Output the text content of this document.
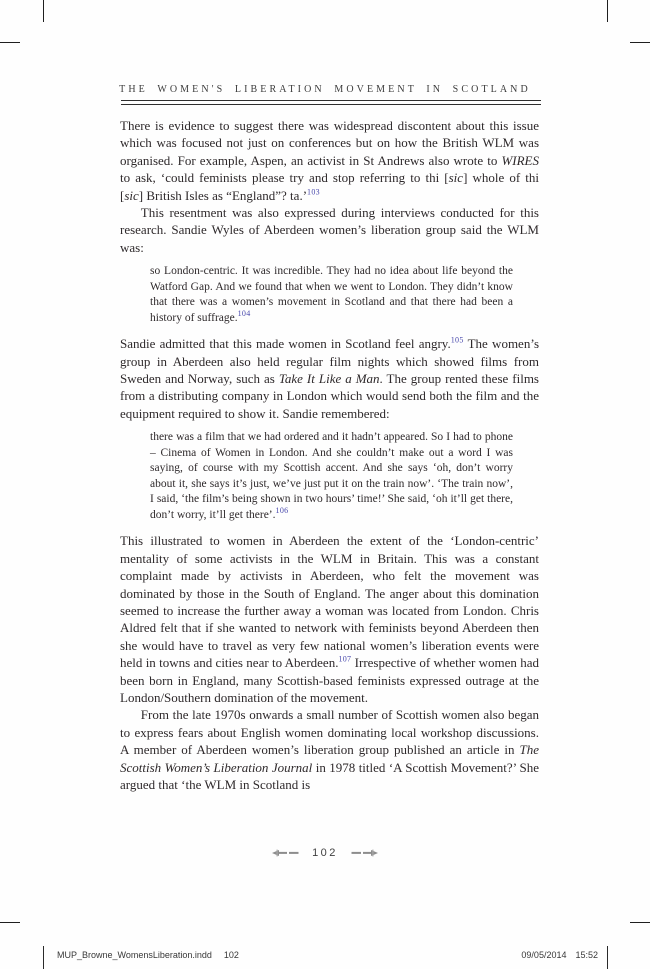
THE WOMEN'S LIBERATION MOVEMENT IN SCOTLAND

There is evidence to suggest there was widespread discontent about this issue which was focused not just on conferences but on how the British WLM was organised. For example, Aspen, an activist in St Andrews also wrote to WIRES to ask, ‘could feminists please try and stop referring to thi [sic] whole of thi [sic] British Isles as “England”? ta.’$^{103}$

This resentment was also expressed during interviews conducted for this research. Sandie Wyles of Aberdeen women’s liberation group said the WLM was:

so London-centric. It was incredible. They had no idea about life beyond the Watford Gap. And we found that when we went to London. They didn’t know that there was a women’s movement in Scotland and that there had been a history of suffrage.$^{104}$

Sandie admitted that this made women in Scotland feel angry.$^{105}$ The women’s group in Aberdeen also held regular film nights which showed films from Sweden and Norway, such as Take It Like a Man. The group rented these films from a distributing company in London which would send both the film and the equipment required to show it. Sandie remembered:

there was a film that we had ordered and it hadn’t appeared. So I had to phone – Cinema of Women in London. And she couldn’t make out a word I was saying, of course with my Scottish accent. And she says ‘oh, don’t worry about it, she says it’s just, we’ve just put it on the train now’. ‘The train now’, I said, ‘the film’s being shown in two hours’ time!’ She said, ‘oh it’ll get there, don’t worry, it’ll get there’.$^{106}$

This illustrated to women in Aberdeen the extent of the ‘London-centric’ mentality of some activists in the WLM in Britain. This was a constant complaint made by activists in Aberdeen, who felt the movement was dominated by those in the South of England. The anger about this domination seemed to increase the further away a woman was located from London. Chris Aldred felt that if she wanted to network with feminists beyond Aberdeen then she would have to travel as very few national women’s liberation events were held in towns and cities near to Aberdeen.$^{107}$ Irrespective of whether women had been born in England, many Scottish-based feminists expressed outrage at the London/Southern domination of the movement.

From the late 1970s onwards a small number of Scottish women also began to express fears about English women dominating local workshop discussions. A member of Aberdeen women’s liberation group published an article in The Scottish Women’s Liberation Journal in 1978 titled ‘A Scottish Movement?’ She argued that ‘the WLM in Scotland is

102
MUP_Browne_WomensLiberation.indd 102	09/05/2014 15:52
